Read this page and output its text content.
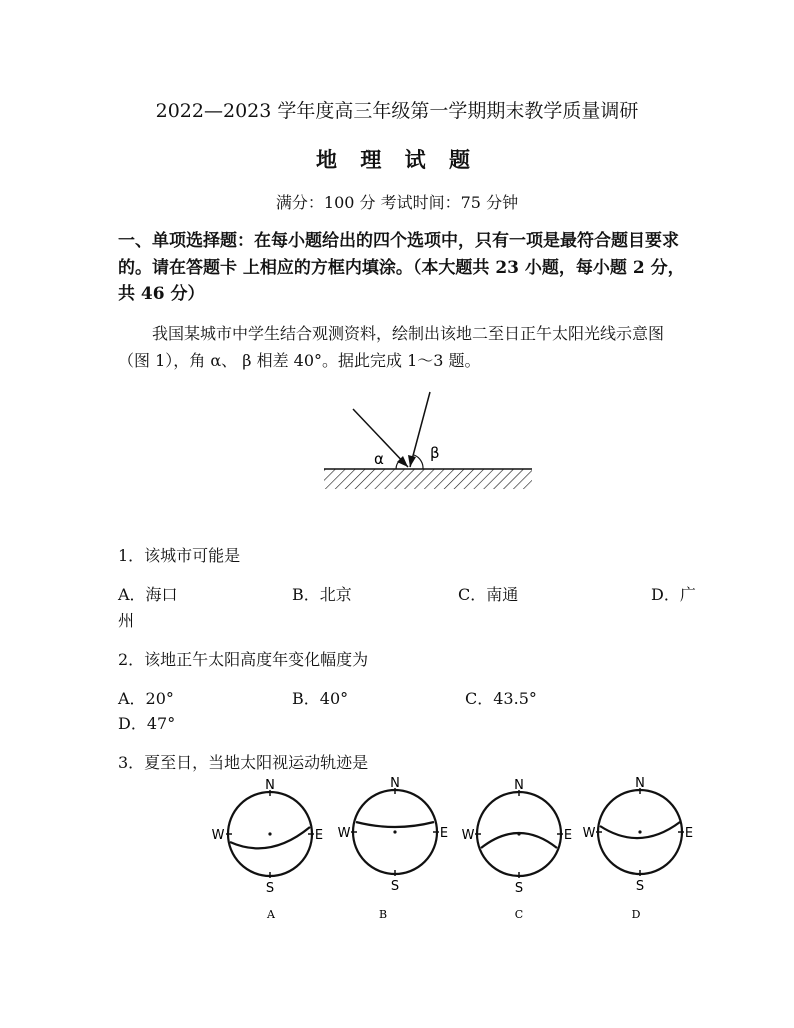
2022—2023 学年度高三年级第一学期期末教学质量调研
地 理 试 题
满分：100 分 考试时间：75 分钟
一、单项选择题：在每小题给出的四个选项中，只有一项是最符合题目要求的。请在答题卡 上相应的方框内填涂。（本大题共 23 小题，每小题 2 分，共 46 分）
我国某城市中学生结合观测资料，绘制出该地二至日正午太阳光线示意图（图 1），角 α、 β 相差 40°。据此完成 1～3 题。
α	β
1．该城市可能是
A．海口	B．北京	C．南通	D．广
州
2．该地正午太阳高度年变化幅度为
A．20°	B．40°	C．43.5°
D．47°
3．夏至日，当地太阳视运动轨迹是
N
S
W	E
A
N
S
W	E
B
N
S
W	E
C
N
S
W	E
D
